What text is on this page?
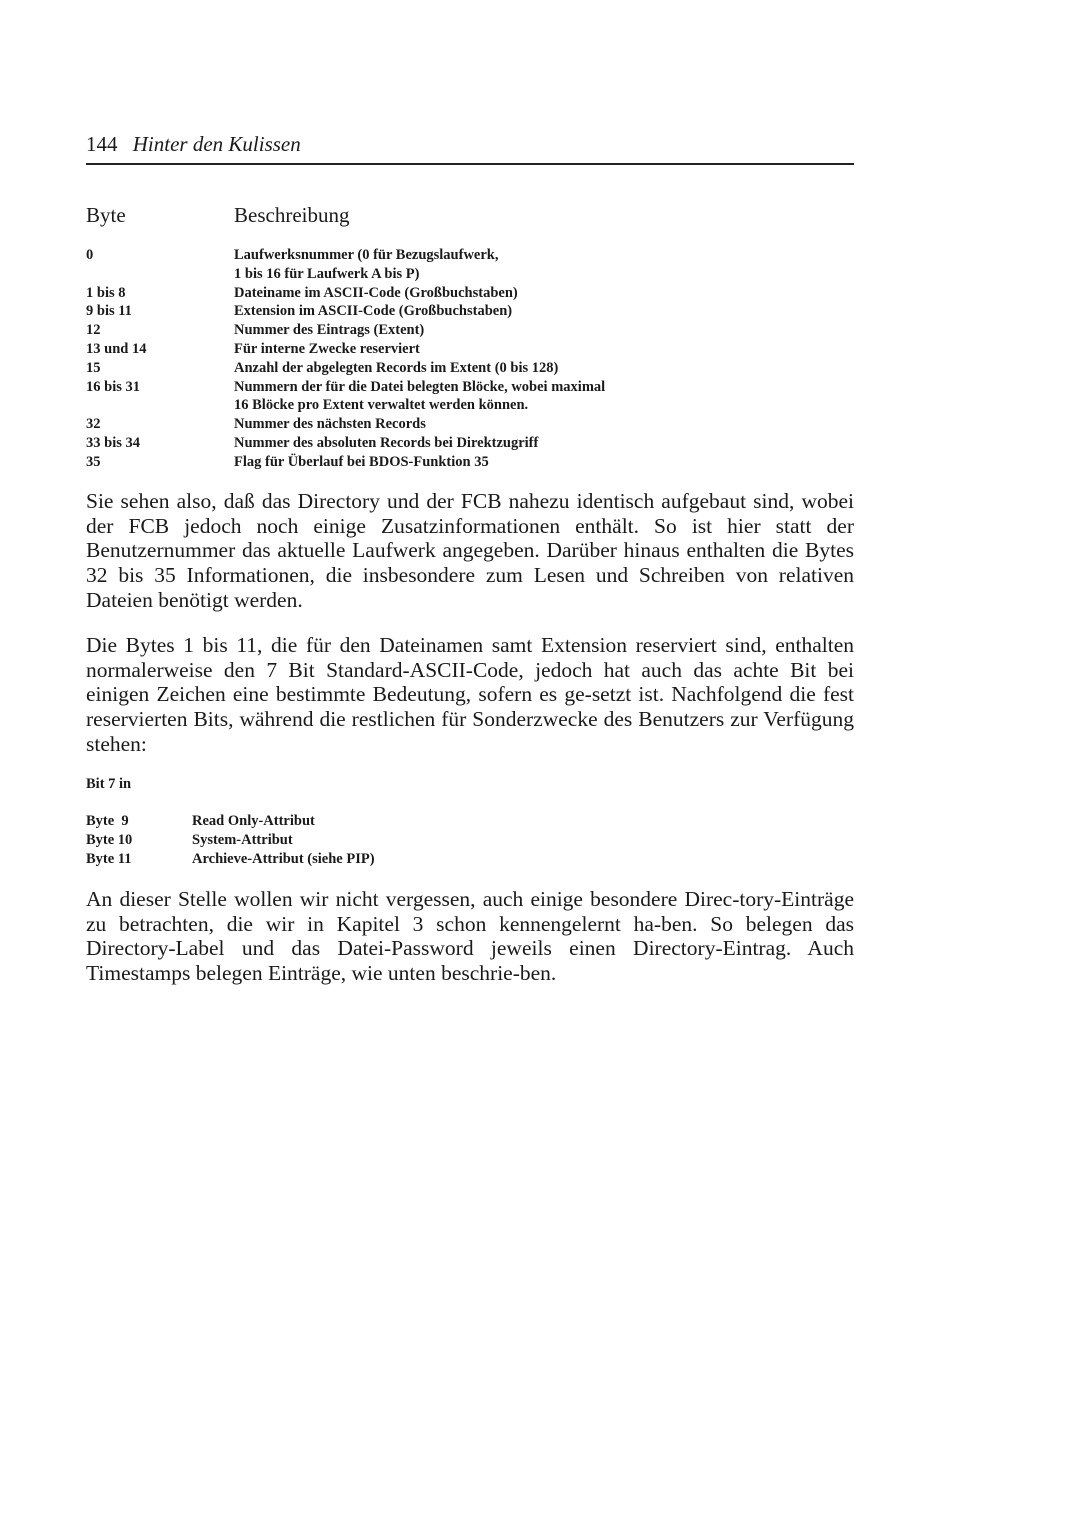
144 Hinter den Kulissen
Byte	Beschreibung
0	Laufwerksnummer (0 für Bezugslaufwerk,
1 bis 16 für Laufwerk A bis P)
1 bis 8	Dateiname im ASCII-Code (Großbuchstaben)
9 bis 11	Extension im ASCII-Code (Großbuchstaben)
12	Nummer des Eintrags (Extent)
13 und 14	Für interne Zwecke reserviert
15	Anzahl der abgelegten Records im Extent (0 bis 128)
16 bis 31	Nummern der für die Datei belegten Blöcke, wobei maximal
16 Blöcke pro Extent verwaltet werden können.
32	Nummer des nächsten Records
33 bis 34	Nummer des absoluten Records bei Direktzugriff
35	Flag für Überlauf bei BDOS-Funktion 35

Sie sehen also, daß das Directory und der FCB nahezu identisch aufgebaut sind, wobei der FCB jedoch noch einige Zusatzinformationen enthält. So ist hier statt der Benutzernummer das aktuelle Laufwerk angegeben. Darüber hinaus enthalten die Bytes 32 bis 35 Informationen, die insbesondere zum Lesen und Schreiben von relativen Dateien benötigt werden.

Die Bytes 1 bis 11, die für den Dateinamen samt Extension reserviert sind, enthalten normalerweise den 7 Bit Standard-ASCII-Code, jedoch hat auch das achte Bit bei einigen Zeichen eine bestimmte Bedeutung, sofern es ge-setzt ist. Nachfolgend die fest reservierten Bits, während die restlichen für Sonderzwecke des Benutzers zur Verfügung stehen:

Bit 7 in
Byte  9	Read Only-Attribut
Byte 10	System-Attribut
Byte 11	Archieve-Attribut (siehe PIP)

An dieser Stelle wollen wir nicht vergessen, auch einige besondere Direc-tory-Einträge zu betrachten, die wir in Kapitel 3 schon kennengelernt ha-ben. So belegen das Directory-Label und das Datei-Password jeweils einen Directory-Eintrag. Auch Timestamps belegen Einträge, wie unten beschrie-ben.
